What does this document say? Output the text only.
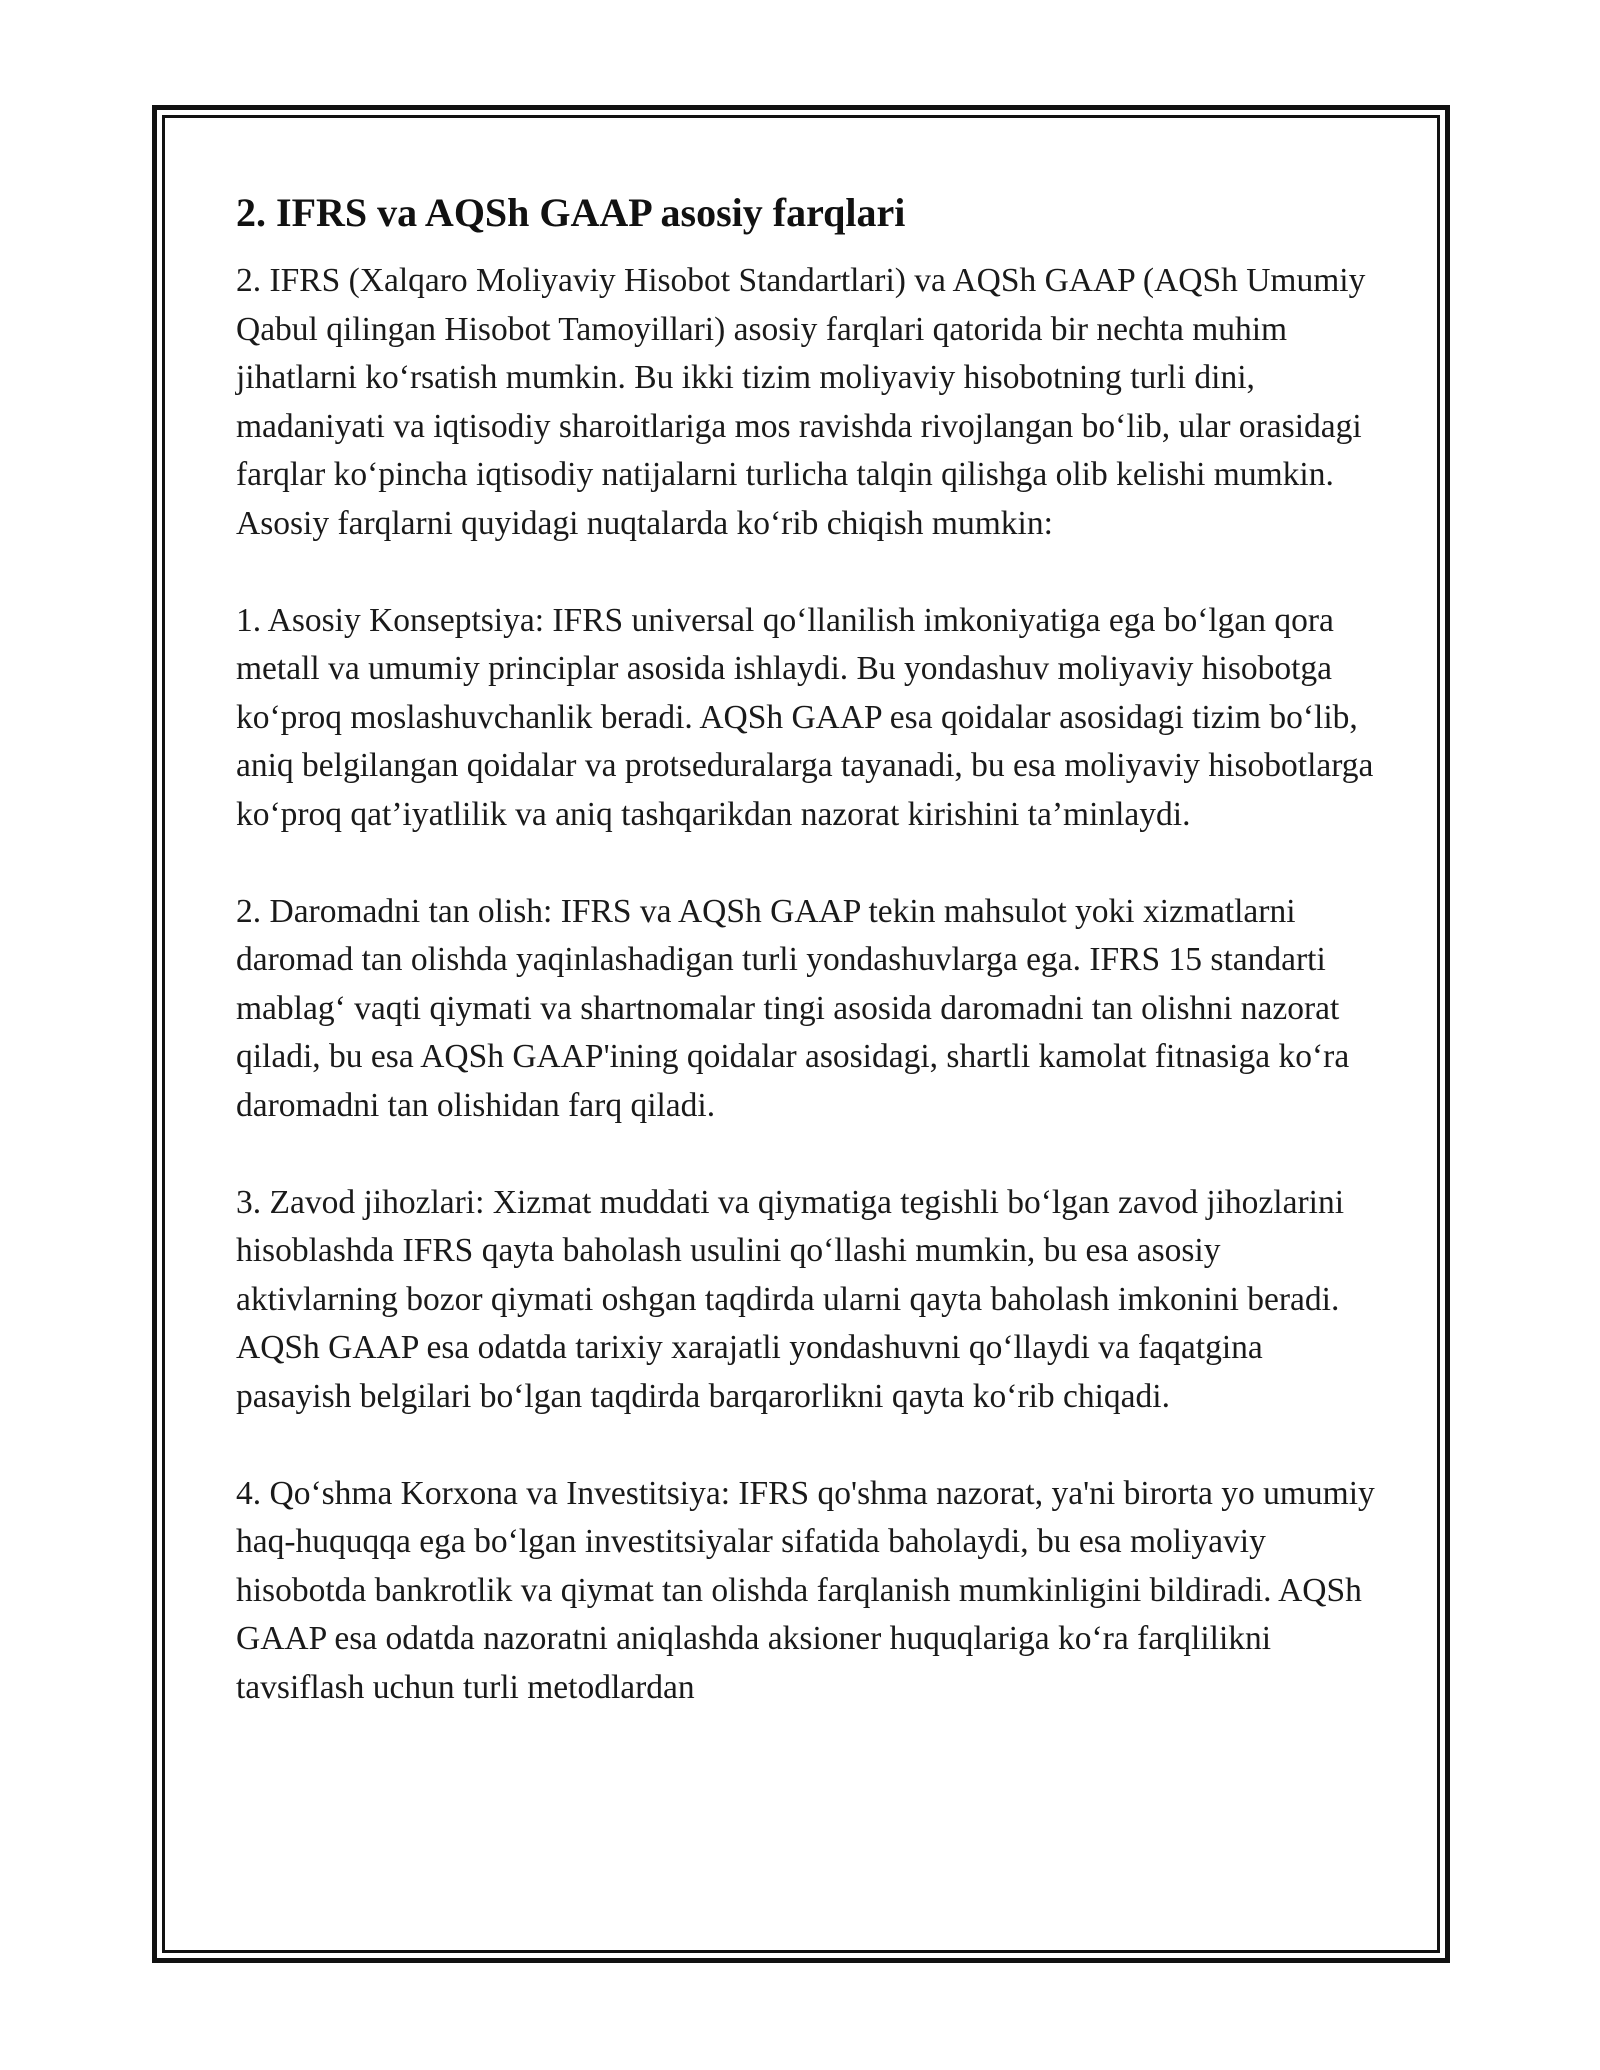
2. IFRS va AQSh GAAP asosiy farqlari

2. IFRS (Xalqaro Moliyaviy Hisobot Standartlari) va AQSh GAAP (AQSh Umumiy Qabul qilingan Hisobot Tamoyillari) asosiy farqlari qatorida bir nechta muhim jihatlarni koʻrsatish mumkin. Bu ikki tizim moliyaviy hisobotning turli dini, madaniyati va iqtisodiy sharoitlariga mos ravishda rivojlangan boʻlib, ular orasidagi farqlar koʻpincha iqtisodiy natijalarni turlicha talqin qilishga olib kelishi mumkin. Asosiy farqlarni quyidagi nuqtalarda koʻrib chiqish mumkin:

1. Asosiy Konseptsiya: IFRS universal qoʻllanilish imkoniyatiga ega boʻlgan qora metall va umumiy principlar asosida ishlaydi. Bu yondashuv moliyaviy hisobotga koʻproq moslashuvchanlik beradi. AQSh GAAP esa qoidalar asosidagi tizim boʻlib, aniq belgilangan qoidalar va protseduralarga tayanadi, bu esa moliyaviy hisobotlarga koʻproq qat’iyatlilik va aniq tashqarikdan nazorat kirishini ta’minlaydi.

2. Daromadni tan olish: IFRS va AQSh GAAP tekin mahsulot yoki xizmatlarni daromad tan olishda yaqinlashadigan turli yondashuvlarga ega. IFRS 15 standarti mablagʻ vaqti qiymati va shartnomalar tingi asosida daromadni tan olishni nazorat qiladi, bu esa AQSh GAAP'ining qoidalar asosidagi, shartli kamolat fitnasiga koʻra daromadni tan olishidan farq qiladi.

3. Zavod jihozlari: Xizmat muddati va qiymatiga tegishli boʻlgan zavod jihozlarini hisoblashda IFRS qayta baholash usulini qoʻllashi mumkin, bu esa asosiy aktivlarning bozor qiymati oshgan taqdirda ularni qayta baholash imkonini beradi. AQSh GAAP esa odatda tarixiy xarajatli yondashuvni qoʻllaydi va faqatgina pasayish belgilari boʻlgan taqdirda barqarorlikni qayta koʻrib chiqadi.

4. Qoʻshma Korxona va Investitsiya: IFRS qo'shma nazorat, ya'ni birorta yo umumiy haq-huquqqa ega boʻlgan investitsiyalar sifatida baholaydi, bu esa moliyaviy hisobotda bankrotlik va qiymat tan olishda farqlanish mumkinligini bildiradi. AQSh GAAP esa odatda nazoratni aniqlashda aksioner huquqlariga koʻra farqlilikni tavsiflash uchun turli metodlardan
